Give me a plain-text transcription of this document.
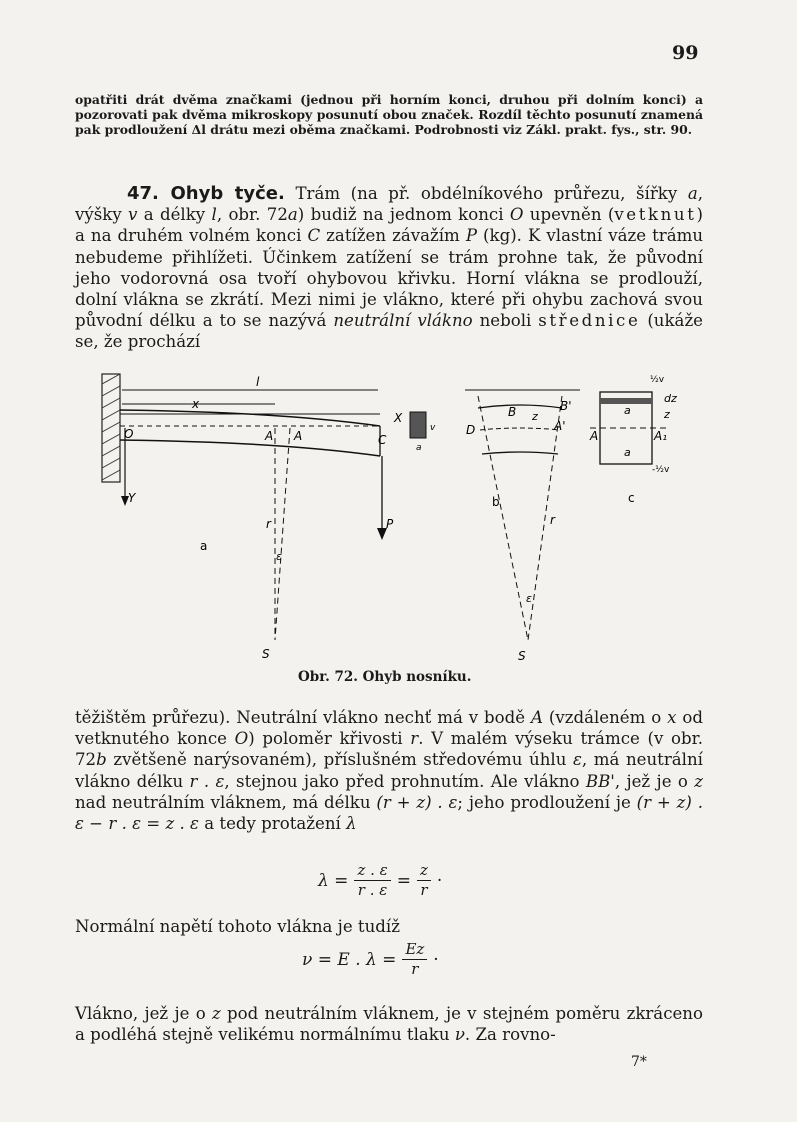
99
opatřiti drát dvěma značkami (jednou při horním konci, druhou při dolním konci) a pozorovati pak dvěma mikroskopy posunutí obou značek. Rozdíl těchto posunutí znamená pak prodloužení Δl drátu mezi oběma značkami. Podrobnosti viz Zákl. prakt. fys., str. 90.
47. Ohyb tyče. Trám (na př. obdélníkového průřezu, šířky a, výšky v a délky l, obr. 72a) budiž na jednom konci O upevněn (vetknut) a na druhém volném konci C zatížen závažím P (kg). K vlastní váze trámu nebudeme přihlížeti. Účinkem zatížení se trám prohne tak, že původní jeho vodorovná osa tvoří ohybovou křivku. Horní vlákna se prodlouží, dolní vlákna se zkrátí. Mezi nimi je vlákno, které při ohybu zachová svou původní délku a to se nazývá neutrální vlákno neboli střednice (ukáže se, že prochází
l
x
O	A A	C
X
v
a
Y
P
r
ε
S
a
B	B'
z
D	A'
b
r
ε
S
½v
dz
z
a
A	A₁
a
-½v
c
Obr. 72. Ohyb nosníku.
těžištěm průřezu). Neutrální vlákno nechť má v bodě A (vzdáleném o x od vetknutého konce O) poloměr křivosti r. V malém výseku trámce (v obr. 72b zvětšeně narýsovaném), příslušném středovému úhlu ε, má neutrální vlákno délku r . ε, stejnou jako před prohnutím. Ale vlákno BB', jež je o z nad neutrálním vláknem, má délku (r + z) . ε; jeho prodloužení je (r + z) . ε − r . ε = z . ε a tedy protažení λ
$\lambda = \frac{z . \varepsilon}{r . \varepsilon} = \frac{z}{r}$ ·
Normální napětí tohoto vlákna je tudíž
ν = E . $\lambda = \frac{Ez}{r}$ ·
Vlákno, jež je o z pod neutrálním vláknem, je v stejném poměru zkráceno a podléhá stejně velikému normálnímu tlaku ν. Za rovno-
7*
